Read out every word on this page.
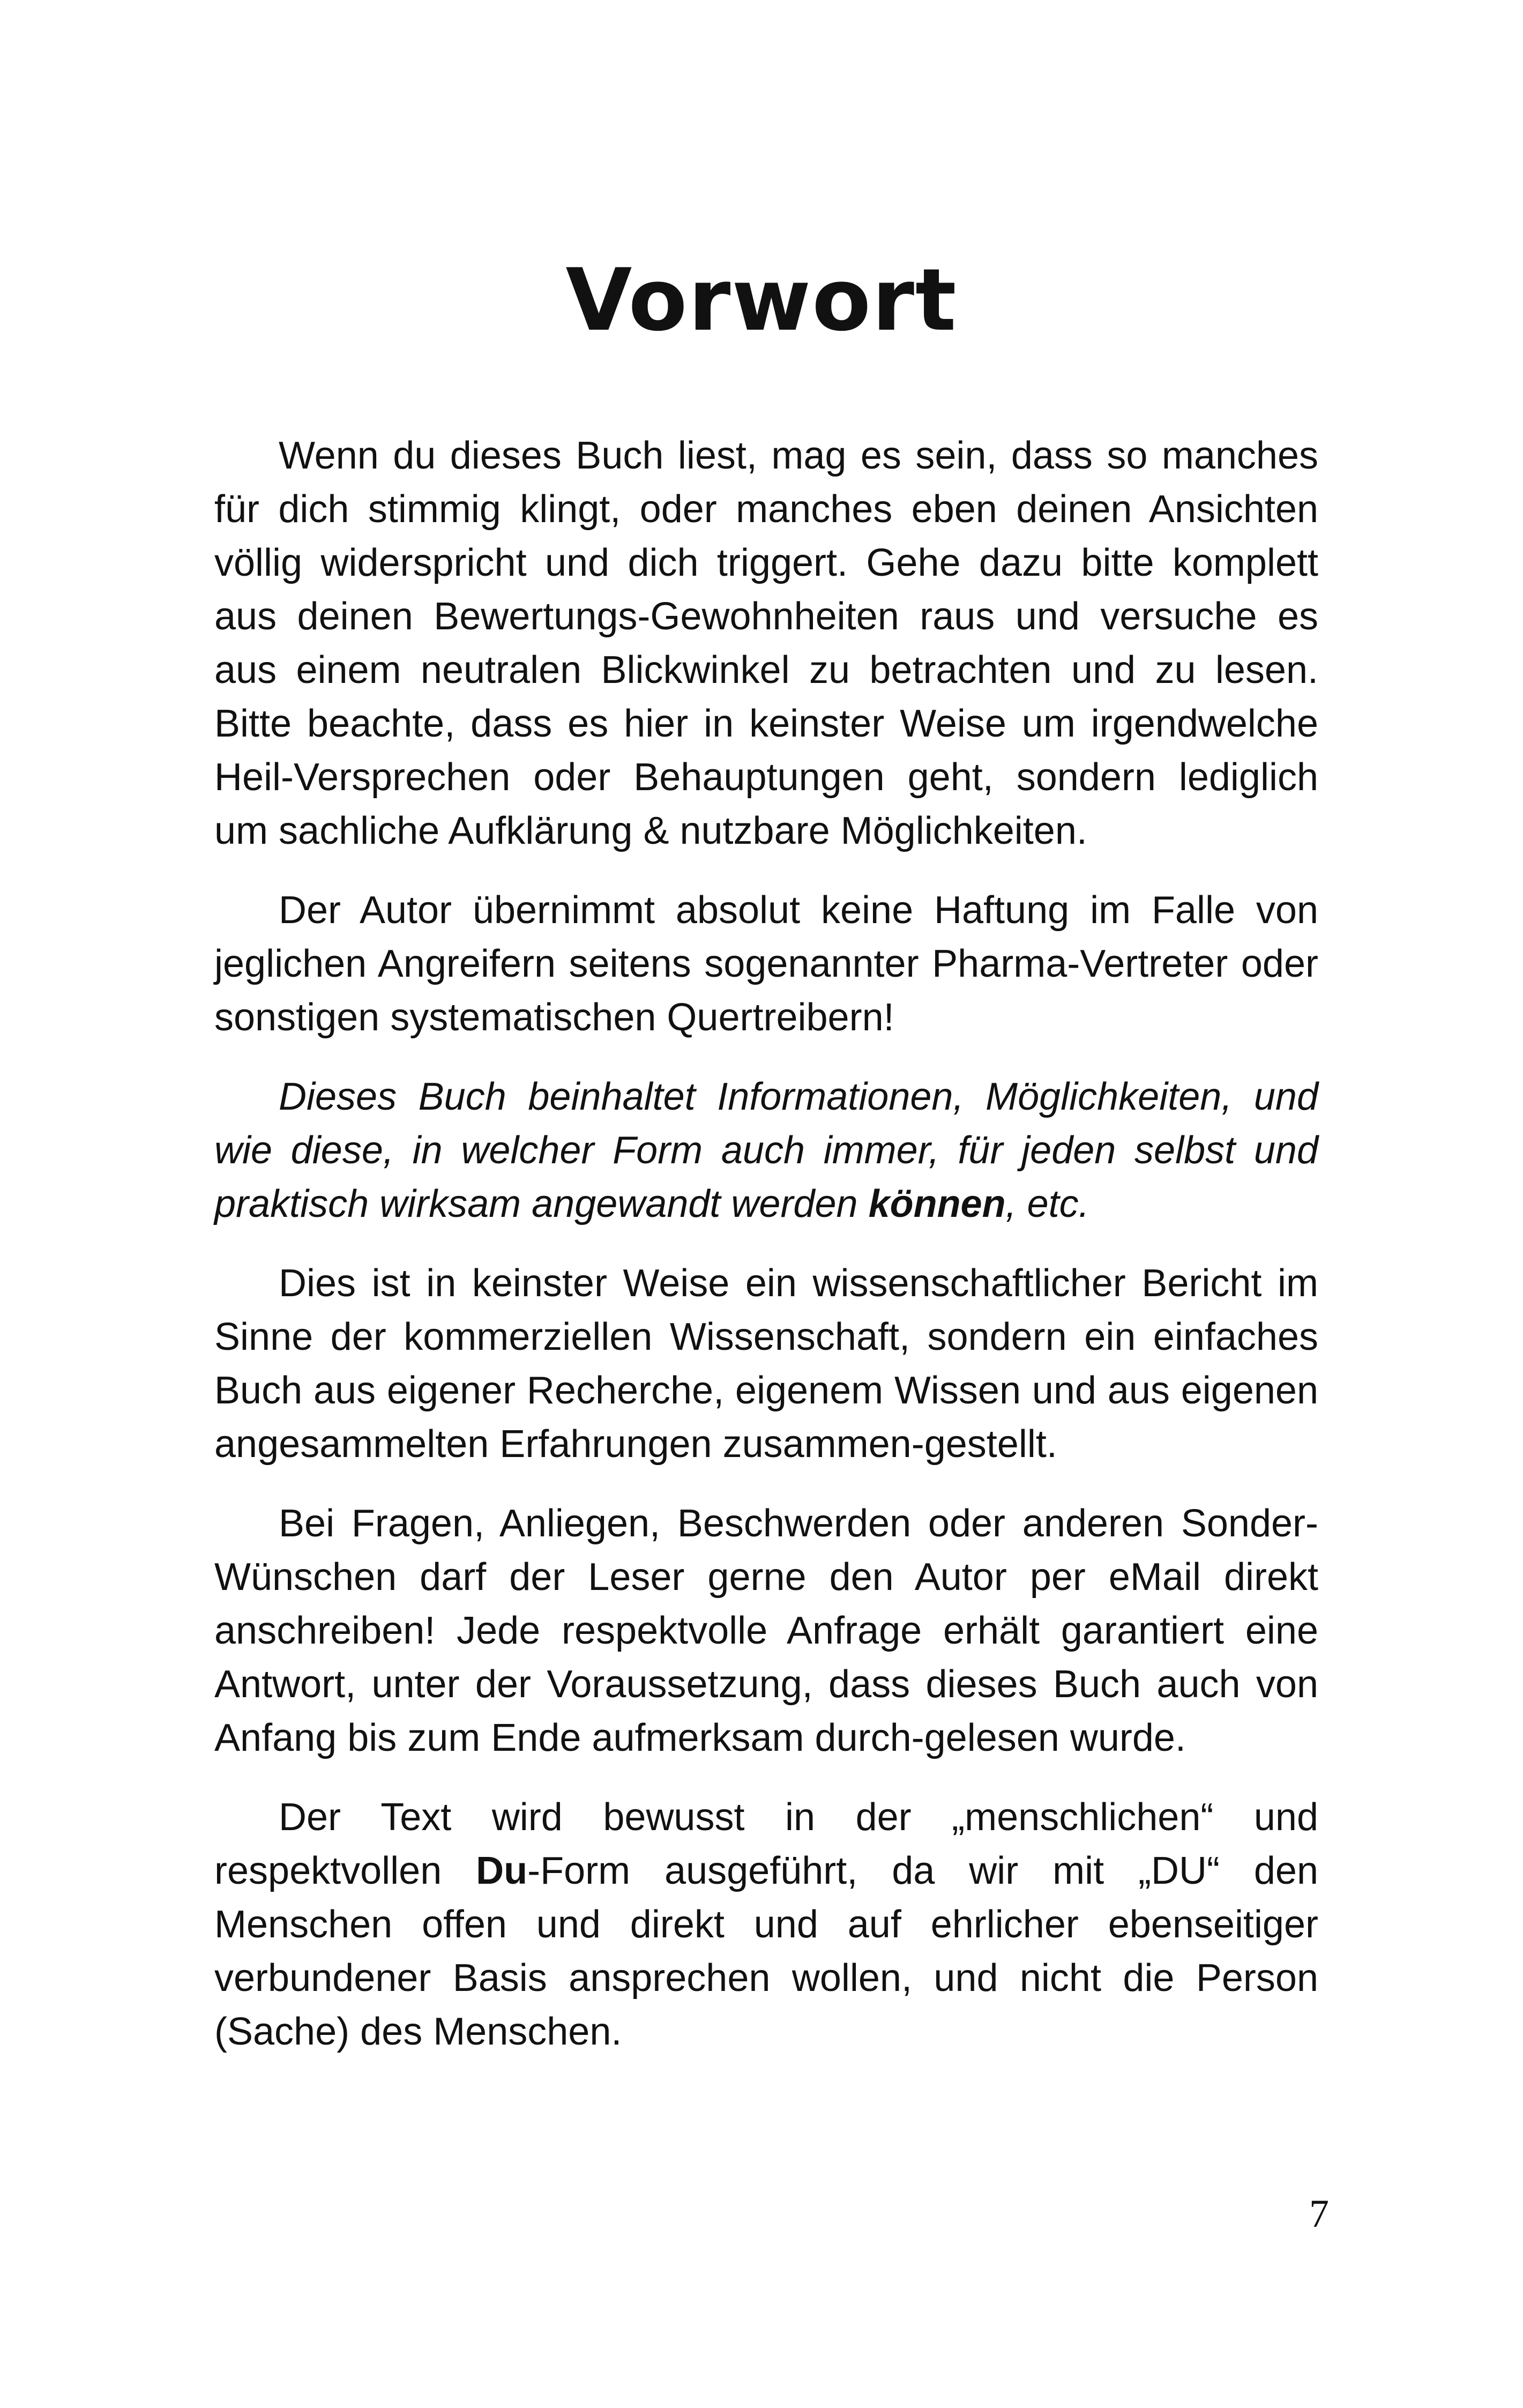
Vorwort

Wenn du dieses Buch liest, mag es sein, dass so manches für dich stimmig klingt, oder manches eben deinen Ansichten völlig widerspricht und dich triggert. Gehe dazu bitte komplett aus deinen Bewertungs-Gewohnheiten raus und versuche es aus einem neutralen Blickwinkel zu betrachten und zu lesen. Bitte beachte, dass es hier in keinster Weise um irgendwelche Heil-Versprechen oder Behauptungen geht, sondern lediglich um sachliche Aufklärung & nutzbare Möglichkeiten.

Der Autor übernimmt absolut keine Haftung im Falle von jeglichen Angreifern seitens sogenannter Pharma-Vertreter oder sonstigen systematischen Quertreibern!

Dieses Buch beinhaltet Informationen, Möglichkeiten, und wie diese, in welcher Form auch immer, für jeden selbst und praktisch wirksam angewandt werden können, etc.

Dies ist in keinster Weise ein wissenschaftlicher Bericht im Sinne der kommerziellen Wissenschaft, sondern ein einfaches Buch aus eigener Recherche, eigenem Wissen und aus eigenen angesammelten Erfahrungen zusammen-gestellt.

Bei Fragen, Anliegen, Beschwerden oder anderen Sonder-Wünschen darf der Leser gerne den Autor per eMail direkt anschreiben! Jede respektvolle Anfrage erhält garantiert eine Antwort, unter der Voraussetzung, dass dieses Buch auch von Anfang bis zum Ende aufmerksam durch-gelesen wurde.

Der Text wird bewusst in der „menschlichen“ und respektvollen Du-Form ausgeführt, da wir mit „DU“ den Menschen offen und direkt und auf ehrlicher ebenseitiger verbundener Basis ansprechen wollen, und nicht die Person (Sache) des Menschen.

7
